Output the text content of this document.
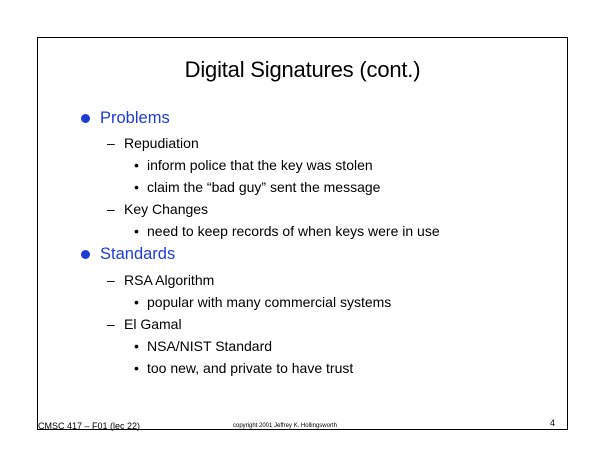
Digital Signatures (cont.)
Problems
– Repudiation
• inform police that the key was stolen
• claim the “bad guy” sent the message
– Key Changes
• need to keep records of when keys were in use
Standards
– RSA Algorithm
• popular with many commercial systems
– El Gamal
• NSA/NIST Standard
• too new, and private to have trust
CMSC 417 – F01 (lec 22)	copyright 2001 Jeffrey K. Hollingsworth	4
